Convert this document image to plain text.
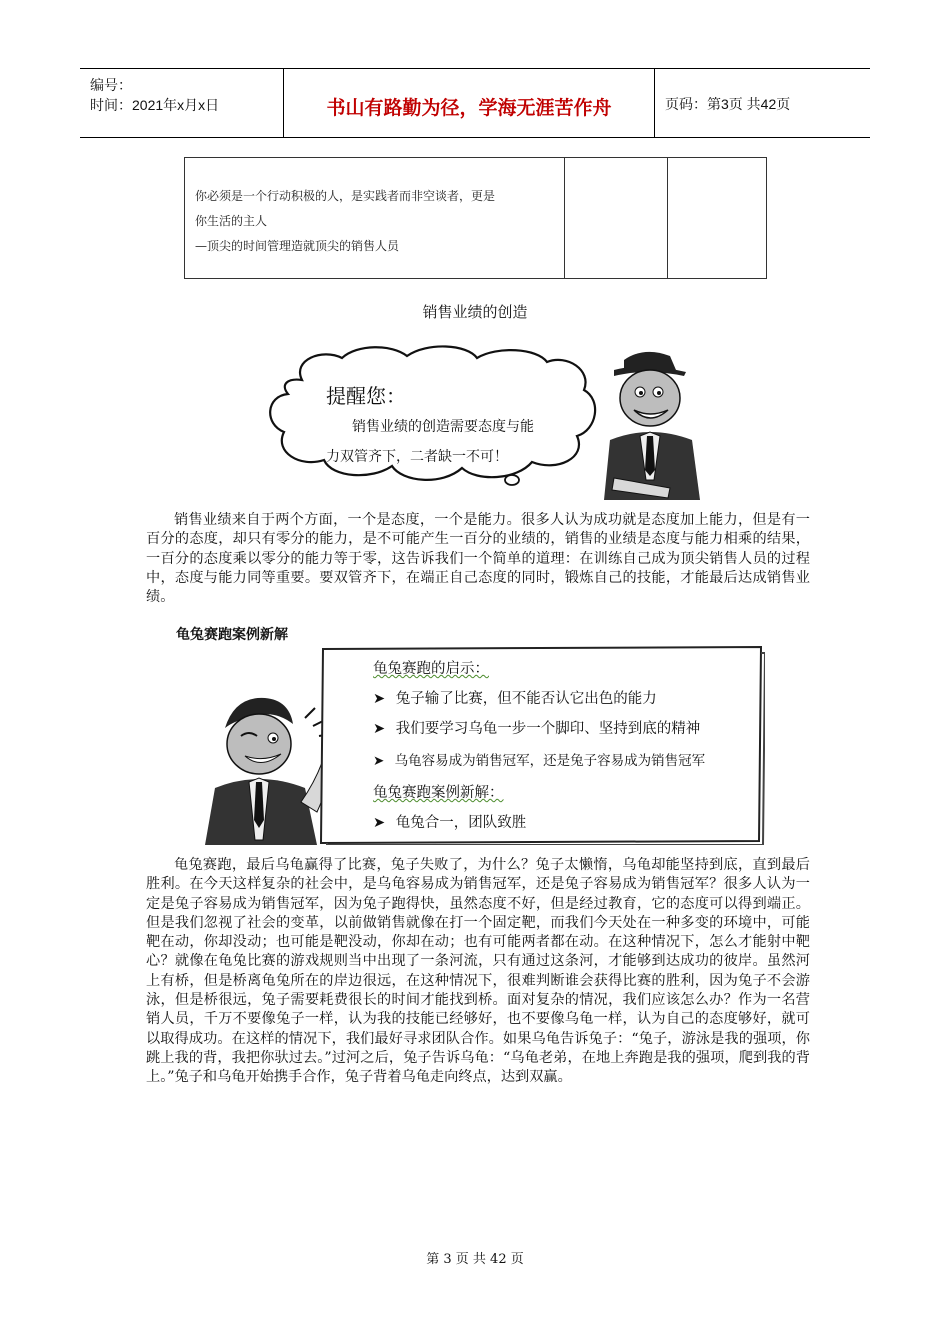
编号：
时间：2021年x月x日	书山有路勤为径，学海无涯苦作舟	页码：第3页 共42页
你必须是一个行动积极的人，是实践者而非空谈者，更是
你生活的主人
—顶尖的时间管理造就顶尖的销售人员
销售业绩的创造
提醒您：
销售业绩的创造需要态度与能
力双管齐下，二者缺一不可！
销售业绩来自于两个方面，一个是态度，一个是能力。很多人认为成功就是态度加上能力，但是有一百分的态度，却只有零分的能力，是不可能产生一百分的业绩的，销售的业绩是态度与能力相乘的结果，一百分的态度乘以零分的能力等于零，这告诉我们一个简单的道理：在训练自己成为顶尖销售人员的过程中，态度与能力同等重要。要双管齐下，在端正自己态度的同时，锻炼自己的技能，才能最后达成销售业绩。
龟兔赛跑案例新解
龟兔赛跑的启示：
➤ 兔子输了比赛，但不能否认它出色的能力
➤ 我们要学习乌龟一步一个脚印、坚持到底的精神
➤ 乌龟容易成为销售冠军，还是兔子容易成为销售冠军
龟兔赛跑案例新解：
➤ 龟兔合一，团队致胜
龟兔赛跑，最后乌龟赢得了比赛，兔子失败了，为什么？兔子太懒惰，乌龟却能坚持到底，直到最后胜利。在今天这样复杂的社会中，是乌龟容易成为销售冠军，还是兔子容易成为销售冠军？很多人认为一定是兔子容易成为销售冠军，因为兔子跑得快，虽然态度不好，但是经过教育，它的态度可以得到端正。但是我们忽视了社会的变革，以前做销售就像在打一个固定靶，而我们今天处在一种多变的环境中，可能靶在动，你却没动；也可能是靶没动，你却在动；也有可能两者都在动。在这种情况下，怎么才能射中靶心？就像在龟兔比赛的游戏规则当中出现了一条河流，只有通过这条河，才能够到达成功的彼岸。虽然河上有桥，但是桥离龟兔所在的岸边很远，在这种情况下，很难判断谁会获得比赛的胜利，因为兔子不会游泳，但是桥很远，兔子需要耗费很长的时间才能找到桥。面对复杂的情况，我们应该怎么办？作为一名营销人员，千万不要像兔子一样，认为我的技能已经够好，也不要像乌龟一样，认为自己的态度够好，就可以取得成功。在这样的情况下，我们最好寻求团队合作。如果乌龟告诉兔子：“兔子，游泳是我的强项，你跳上我的背，我把你驮过去。”过河之后，兔子告诉乌龟：“乌龟老弟，在地上奔跑是我的强项，爬到我的背上。”兔子和乌龟开始携手合作，兔子背着乌龟走向终点，达到双赢。
第 3 页 共 42 页
